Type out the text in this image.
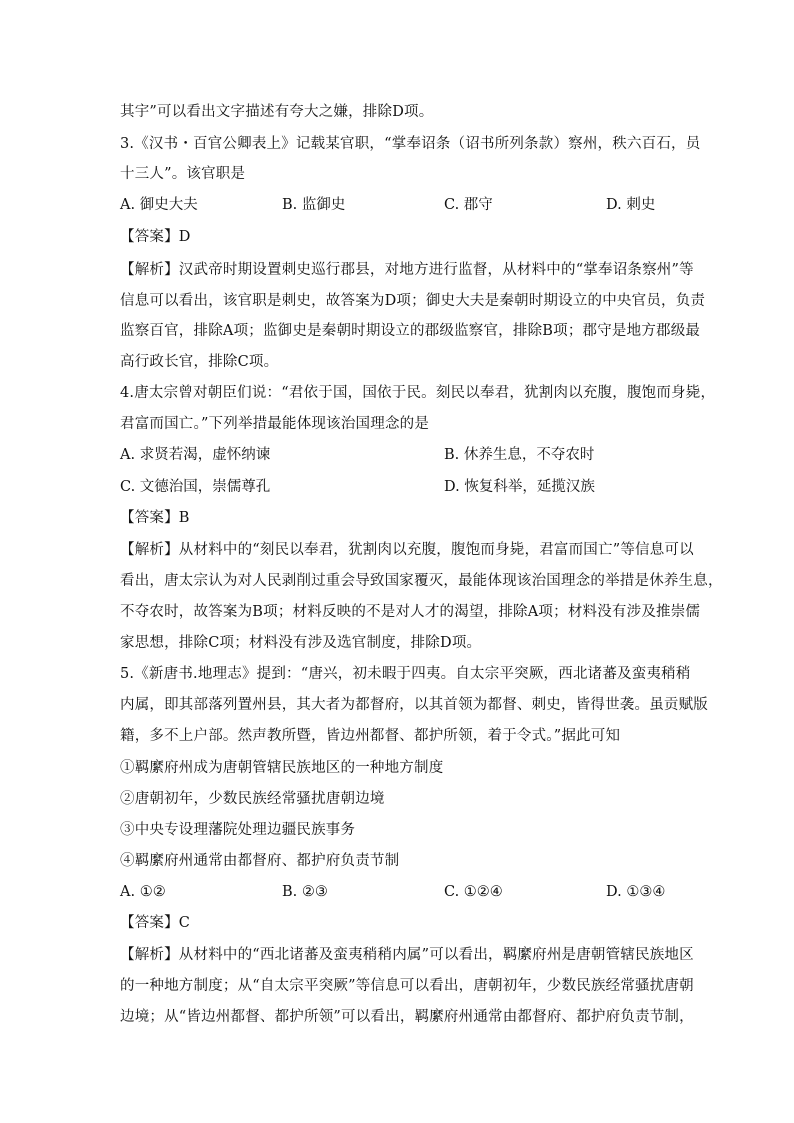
其宇”可以看出文字描述有夸大之嫌，排除D项。
3.《汉书・百官公卿表上》记载某官职，“掌奉诏条（诏书所列条款）察州，秩六百石，员
十三人”。该官职是
A. 御史大夫	B. 监御史	C. 郡守	D. 刺史
【答案】D
【解析】汉武帝时期设置刺史巡行郡县，对地方进行监督，从材料中的“掌奉诏条察州”等
信息可以看出，该官职是刺史，故答案为D项；御史大夫是秦朝时期设立的中央官员，负责
监察百官，排除A项；监御史是秦朝时期设立的郡级监察官，排除B项；郡守是地方郡级最
高行政长官，排除C项。
4.唐太宗曾对朝臣们说：“君依于国，国依于民。刻民以奉君，犹割肉以充腹，腹饱而身毙，
君富而国亡。”下列举措最能体现该治国理念的是
A. 求贤若渴，虚怀纳谏	B. 休养生息，不夺农时
C. 文德治国，崇儒尊孔	D. 恢复科举，延揽汉族
【答案】B
【解析】从材料中的“刻民以奉君，犹割肉以充腹，腹饱而身毙，君富而国亡”等信息可以
看出，唐太宗认为对人民剥削过重会导致国家覆灭，最能体现该治国理念的举措是休养生息，
不夺农时，故答案为B项；材料反映的不是对人才的渴望，排除A项；材料没有涉及推崇儒
家思想，排除C项；材料没有涉及选官制度，排除D项。
5.《新唐书.地理志》提到：“唐兴，初未暇于四夷。自太宗平突厥，西北诸蕃及蛮夷稍稍
内属，即其部落列置州县，其大者为都督府，以其首领为都督、刺史，皆得世袭。虽贡赋版
籍，多不上户部。然声教所暨，皆边州都督、都护所领，着于令式。”据此可知
①羁縻府州成为唐朝管辖民族地区的一种地方制度
②唐朝初年，少数民族经常骚扰唐朝边境
③中央专设理藩院处理边疆民族事务
④羁縻府州通常由都督府、都护府负责节制
A. ①②	B. ②③	C. ①②④	D. ①③④
【答案】C
【解析】从材料中的“西北诸蕃及蛮夷稍稍内属”可以看出，羁縻府州是唐朝管辖民族地区
的一种地方制度；从“自太宗平突厥”等信息可以看出，唐朝初年，少数民族经常骚扰唐朝
边境；从“皆边州都督、都护所领”可以看出，羁縻府州通常由都督府、都护府负责节制，
